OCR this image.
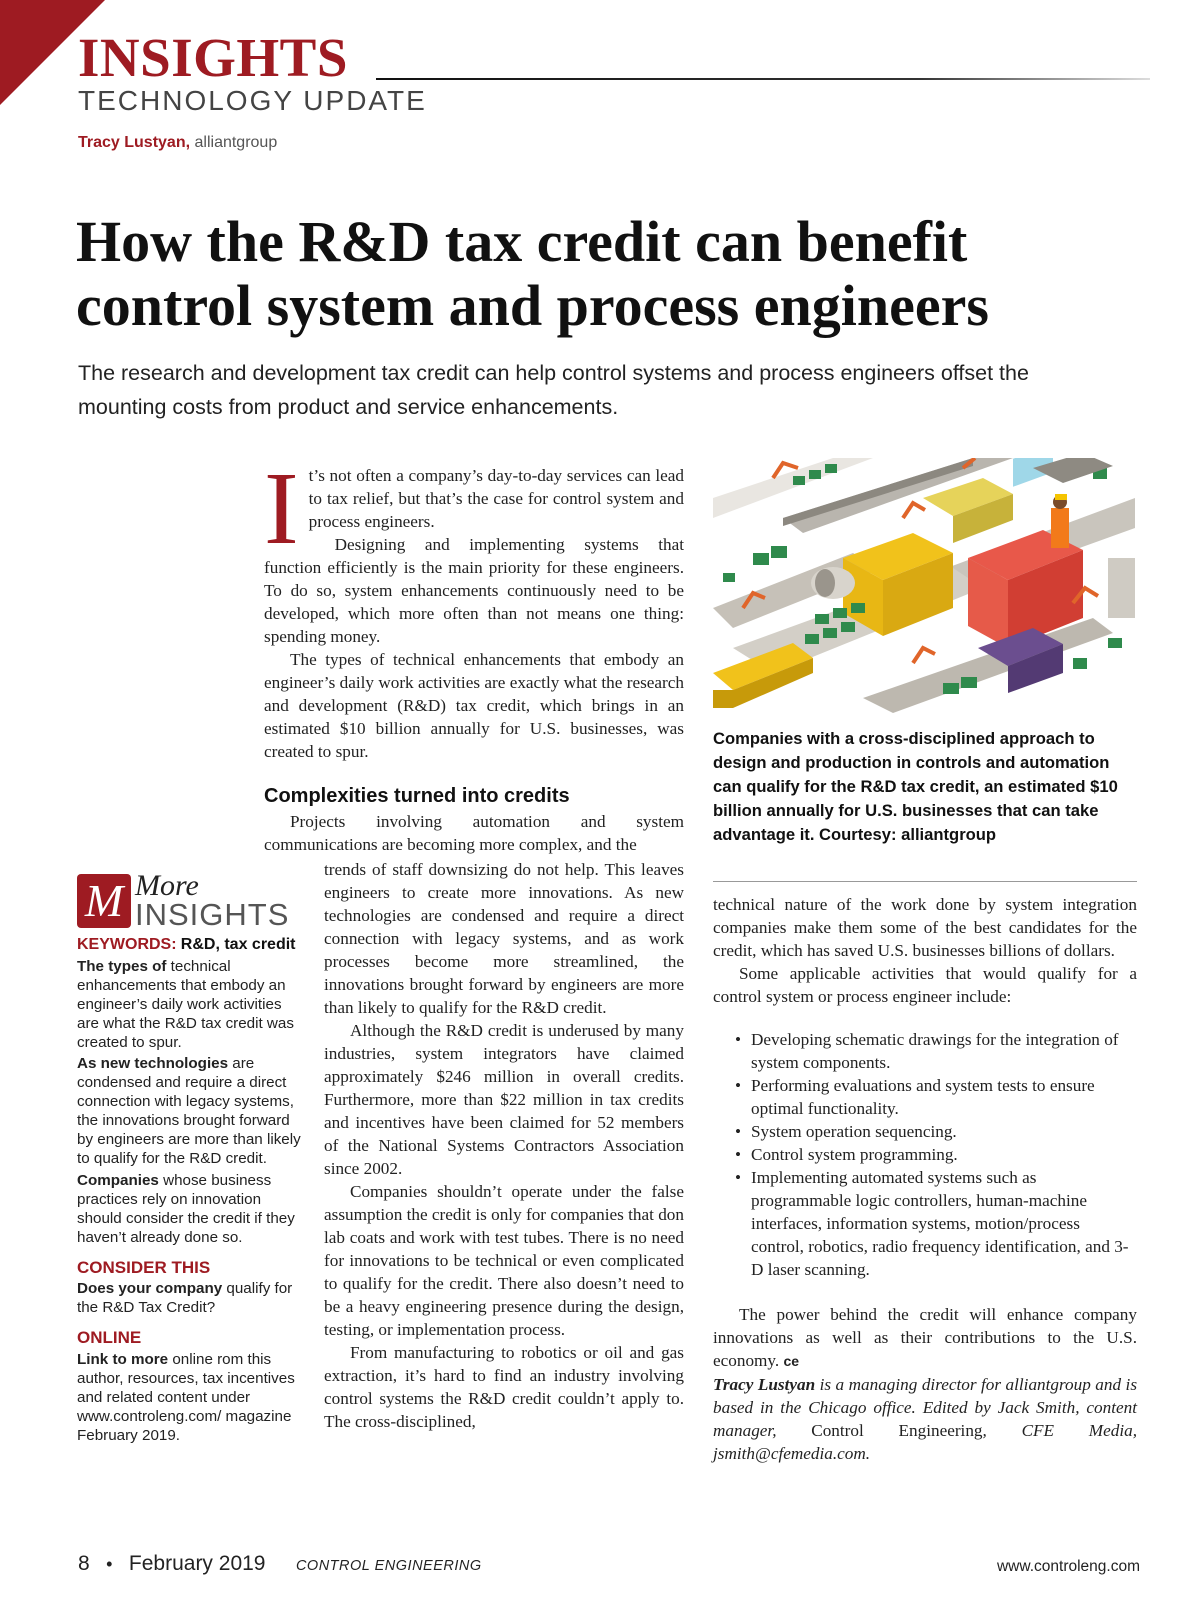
INSIGHTS
TECHNOLOGY UPDATE
Tracy Lustyan, alliantgroup
How the R&D tax credit can benefit
control system and process engineers

The research and development tax credit can help control systems and process engineers offset the mounting costs from product and service enhancements.

It’s not often a company’s day-to-day services can lead to tax relief, but that’s the case for control system and process engineers.

Designing and implementing systems that function efficiently is the main priority for these engineers. To do so, system enhancements continuously need to be developed, which more often than not means one thing: spending money.

The types of technical enhancements that embody an engineer’s daily work activities are exactly what the research and development (R&D) tax credit, which brings in an estimated $10 billion annually for U.S. businesses, was created to spur.

Complexities turned into credits

Projects involving automation and system communications are becoming more complex, and the

trends of staff downsizing do not help. This leaves engineers to create more innovations. As new technologies are condensed and require a direct connection with legacy systems, and as work processes become more streamlined, the innovations brought forward by engineers are more than likely to qualify for the R&D credit.

Although the R&D credit is underused by many industries, system integrators have claimed approximately $246 million in overall credits. Furthermore, more than $22 million in tax credits and incentives have been claimed for 52 members of the National Systems Contractors Association since 2002.

Companies shouldn’t operate under the false assumption the credit is only for companies that don lab coats and work with test tubes. There is no need for innovations to be technical or even complicated to qualify for the credit. There also doesn’t need to be a heavy engineering presence during the design, testing, or implementation process.

From manufacturing to robotics or oil and gas extraction, it’s hard to find an industry involving control systems the R&D credit couldn’t apply to. The cross-disciplined,

M More
INSIGHTS

KEYWORDS: R&D, tax credit

The types of technical enhancements that embody an engineer’s daily work activities are what the R&D tax credit was created to spur.

As new technologies are condensed and require a direct connection with legacy systems, the innovations brought forward by engineers are more than likely to qualify for the R&D credit.

Companies whose business practices rely on innovation should consider the credit if they haven’t already done so.

CONSIDER THIS

Does your company qualify for the R&D Tax Credit?

ONLINE

Link to more online rom this author, resources, tax incentives and related content under www.controleng.com/ magazine February 2019.

Companies with a cross-disciplined approach to design and production in controls and automation can qualify for the R&D tax credit, an estimated $10 billion annually for U.S. businesses that can take advantage it. Courtesy: alliantgroup

technical nature of the work done by system integration companies make them some of the best candidates for the credit, which has saved U.S. businesses billions of dollars.

Some applicable activities that would qualify for a control system or process engineer include:

• Developing schematic drawings for the integration of system components.
• Performing evaluations and system tests to ensure optimal functionality.
• System operation sequencing.
• Control system programming.
• Implementing automated systems such as programmable logic controllers, human-machine interfaces, information systems, motion/process control, robotics, radio frequency identification, and 3-D laser scanning.

The power behind the credit will enhance company innovations as well as their contributions to the U.S. economy. ce

Tracy Lustyan is a managing director for alliantgroup and is based in the Chicago office. Edited by Jack Smith, content manager, Control Engineering, CFE Media, jsmith@cfemedia.com.

8 • February 2019 CONTROL ENGINEERING	www.controleng.com
